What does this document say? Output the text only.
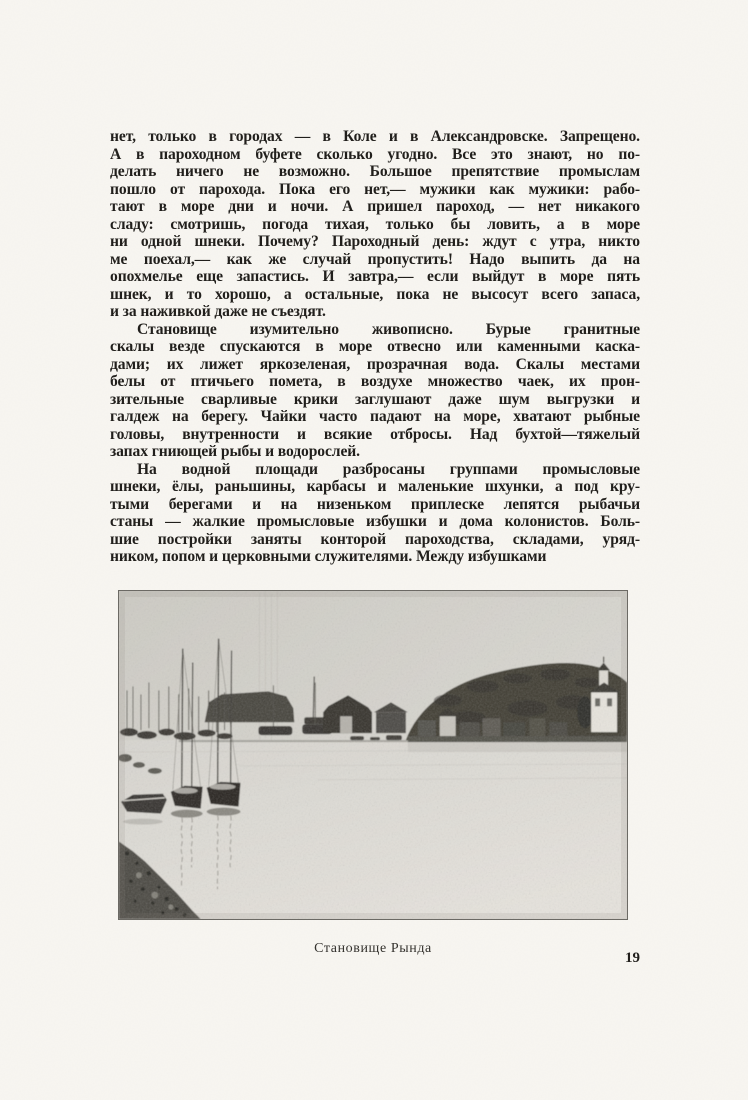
нет, только в городах — в Коле и в Александровске. Запрещено.
А в пароходном буфете сколько угодно. Все это знают, но по-
делать ничего не возможно. Большое препятствие промыслам
пошло от парохода. Пока его нет,— мужики как мужики: рабо-
тают в море дни и ночи. А пришел пароход, — нет никакого
сладу: смотришь, погода тихая, только бы ловить, а в море
ни одной шнеки. Почему? Пароходный день: ждут с утра, никто
ме поехал,— как же случай пропустить! Надо выпить да на
опохмелье еще запастись. И завтра,— если выйдут в море пять
шнек, и то хорошо, а остальные, пока не высосут всего запаса,
и за наживкой даже не съездят.
Становище изумительно живописно. Бурые гранитные
скалы везде спускаются в море отвесно или каменными каска-
дами; их лижет яркозеленая, прозрачная вода. Скалы местами
белы от птичьего помета, в воздухе множество чаек, их прон-
зительные сварливые крики заглушают даже шум выгрузки и
галдеж на берегу. Чайки часто падают на море, хватают рыбные
головы, внутренности и всякие отбросы. Над бухтой—тяжелый
запах гниющей рыбы и водорослей.
На водной площади разбросаны группами промысловые
шнеки, ёлы, раньшины, карбасы и маленькие шхунки, а под кру-
тыми берегами и на низеньком приплеске лепятся рыбачьи
станы — жалкие промысловые избушки и дома колонистов. Боль-
шие постройки заняты конторой пароходства, складами, уряд-
ником, попом и церковными служителями. Между избушками
Становище Рында
19
